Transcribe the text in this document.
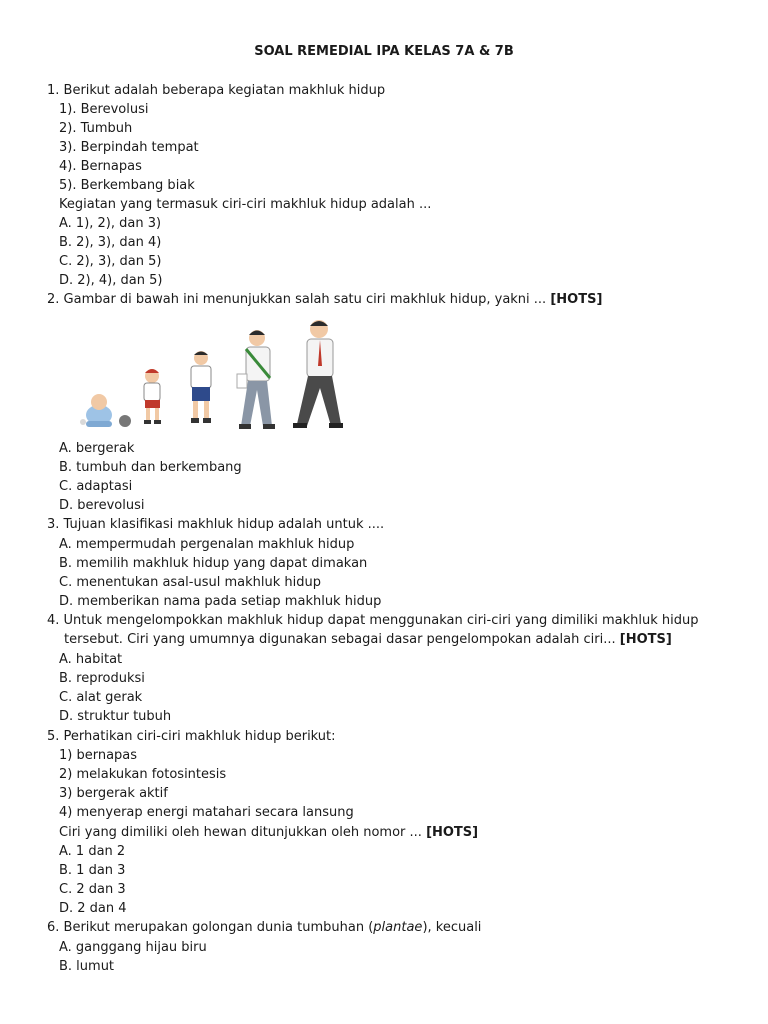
SOAL REMEDIAL IPA KELAS 7A & 7B
1. Berikut adalah beberapa kegiatan makhluk hidup
1). Berevolusi
2). Tumbuh
3). Berpindah tempat
4). Bernapas
5). Berkembang biak
Kegiatan yang termasuk ciri-ciri makhluk hidup adalah ...
A. 1), 2), dan 3)
B. 2), 3), dan 4)
C. 2), 3), dan 5)
D. 2), 4), dan 5)
2. Gambar di bawah ini menunjukkan salah satu ciri makhluk hidup, yakni ... [HOTS]
A. bergerak
B. tumbuh dan berkembang
C. adaptasi
D. berevolusi
3. Tujuan klasifikasi makhluk hidup adalah untuk ....
A. mempermudah pergenalan makhluk hidup
B. memilih makhluk hidup yang dapat dimakan
C. menentukan asal-usul makhluk hidup
D. memberikan nama pada setiap makhluk hidup
4. Untuk mengelompokkan makhluk hidup dapat menggunakan ciri-ciri yang dimiliki makhluk hidup
tersebut. Ciri yang umumnya digunakan sebagai dasar pengelompokan adalah ciri... [HOTS]
A. habitat
B. reproduksi
C. alat gerak
D. struktur tubuh
5. Perhatikan ciri-ciri makhluk hidup berikut:
1) bernapas
2) melakukan fotosintesis
3) bergerak aktif
4) menyerap energi matahari secara lansung
Ciri yang dimiliki oleh hewan ditunjukkan oleh nomor ... [HOTS]
A. 1 dan 2
B. 1 dan 3
C. 2 dan 3
D. 2 dan 4
6. Berikut merupakan golongan dunia tumbuhan (plantae), kecuali
A. ganggang hijau biru
B. lumut
